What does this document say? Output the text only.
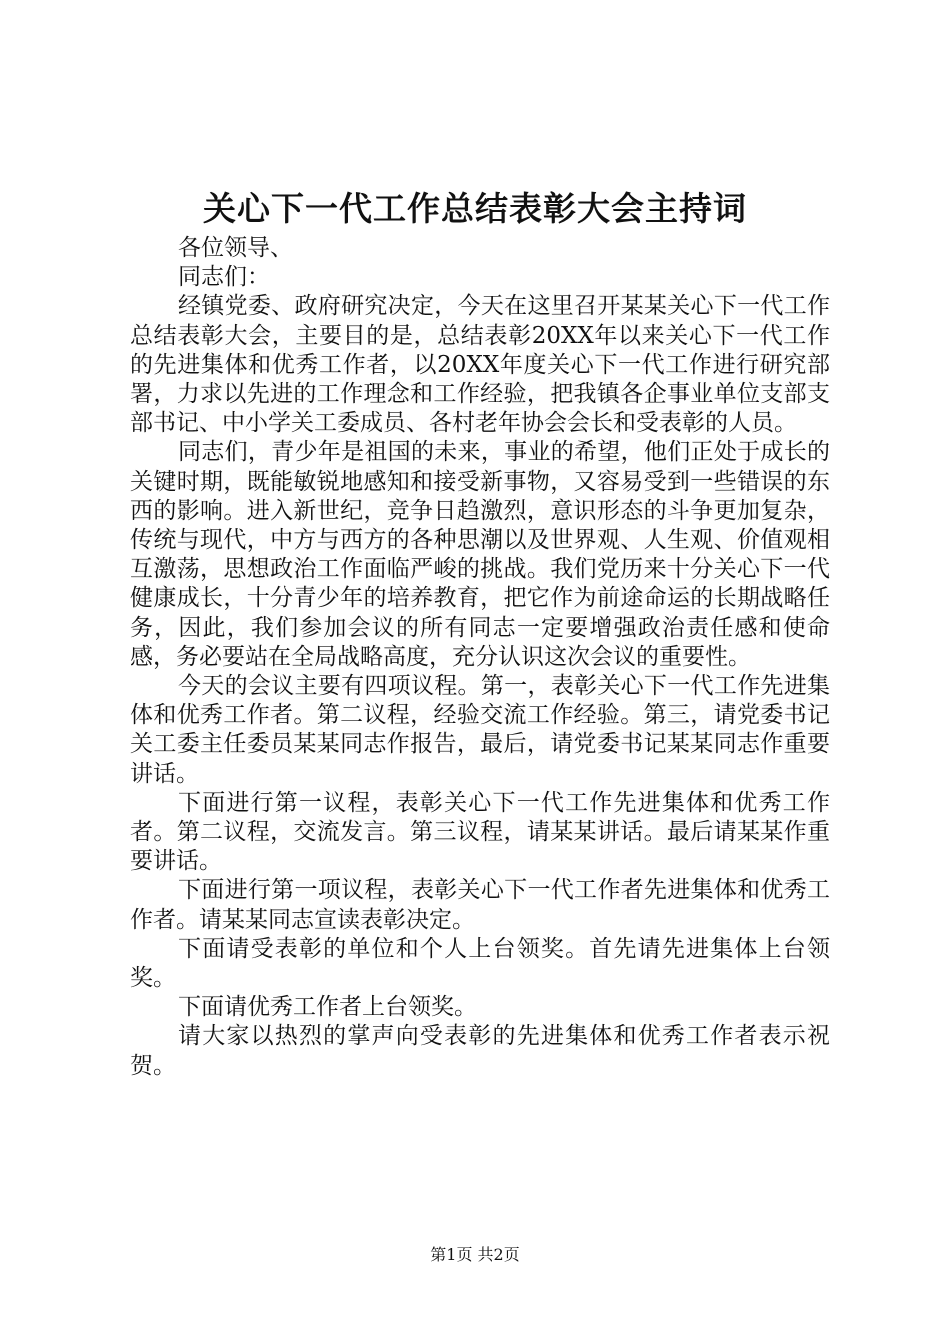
关心下一代工作总结表彰大会主持词

各位领导、

同志们：

经镇党委、政府研究决定，今天在这里召开某某关心下一代工作总结表彰大会，主要目的是，总结表彰20XX年以来关心下一代工作的先进集体和优秀工作者，以20XX年度关心下一代工作进行研究部署，力求以先进的工作理念和工作经验，把我镇各企事业单位支部支部书记、中小学关工委成员、各村老年协会会长和受表彰的人员。

同志们，青少年是祖国的未来，事业的希望，他们正处于成长的关键时期，既能敏锐地感知和接受新事物，又容易受到一些错误的东西的影响。进入新世纪，竞争日趋激烈，意识形态的斗争更加复杂，传统与现代，中方与西方的各种思潮以及世界观、人生观、价值观相互激荡，思想政治工作面临严峻的挑战。我们党历来十分关心下一代健康成长，十分青少年的培养教育，把它作为前途命运的长期战略任务，因此，我们参加会议的所有同志一定要增强政治责任感和使命感，务必要站在全局战略高度，充分认识这次会议的重要性。

今天的会议主要有四项议程。第一，表彰关心下一代工作先进集体和优秀工作者。第二议程，经验交流工作经验。第三，请党委书记关工委主任委员某某同志作报告，最后，请党委书记某某同志作重要讲话。

下面进行第一议程，表彰关心下一代工作先进集体和优秀工作者。第二议程，交流发言。第三议程，请某某讲话。最后请某某作重要讲话。

下面进行第一项议程，表彰关心下一代工作者先进集体和优秀工作者。请某某同志宣读表彰决定。

下面请受表彰的单位和个人上台领奖。首先请先进集体上台领奖。

下面请优秀工作者上台领奖。

请大家以热烈的掌声向受表彰的先进集体和优秀工作者表示祝贺。

第1页 共2页
